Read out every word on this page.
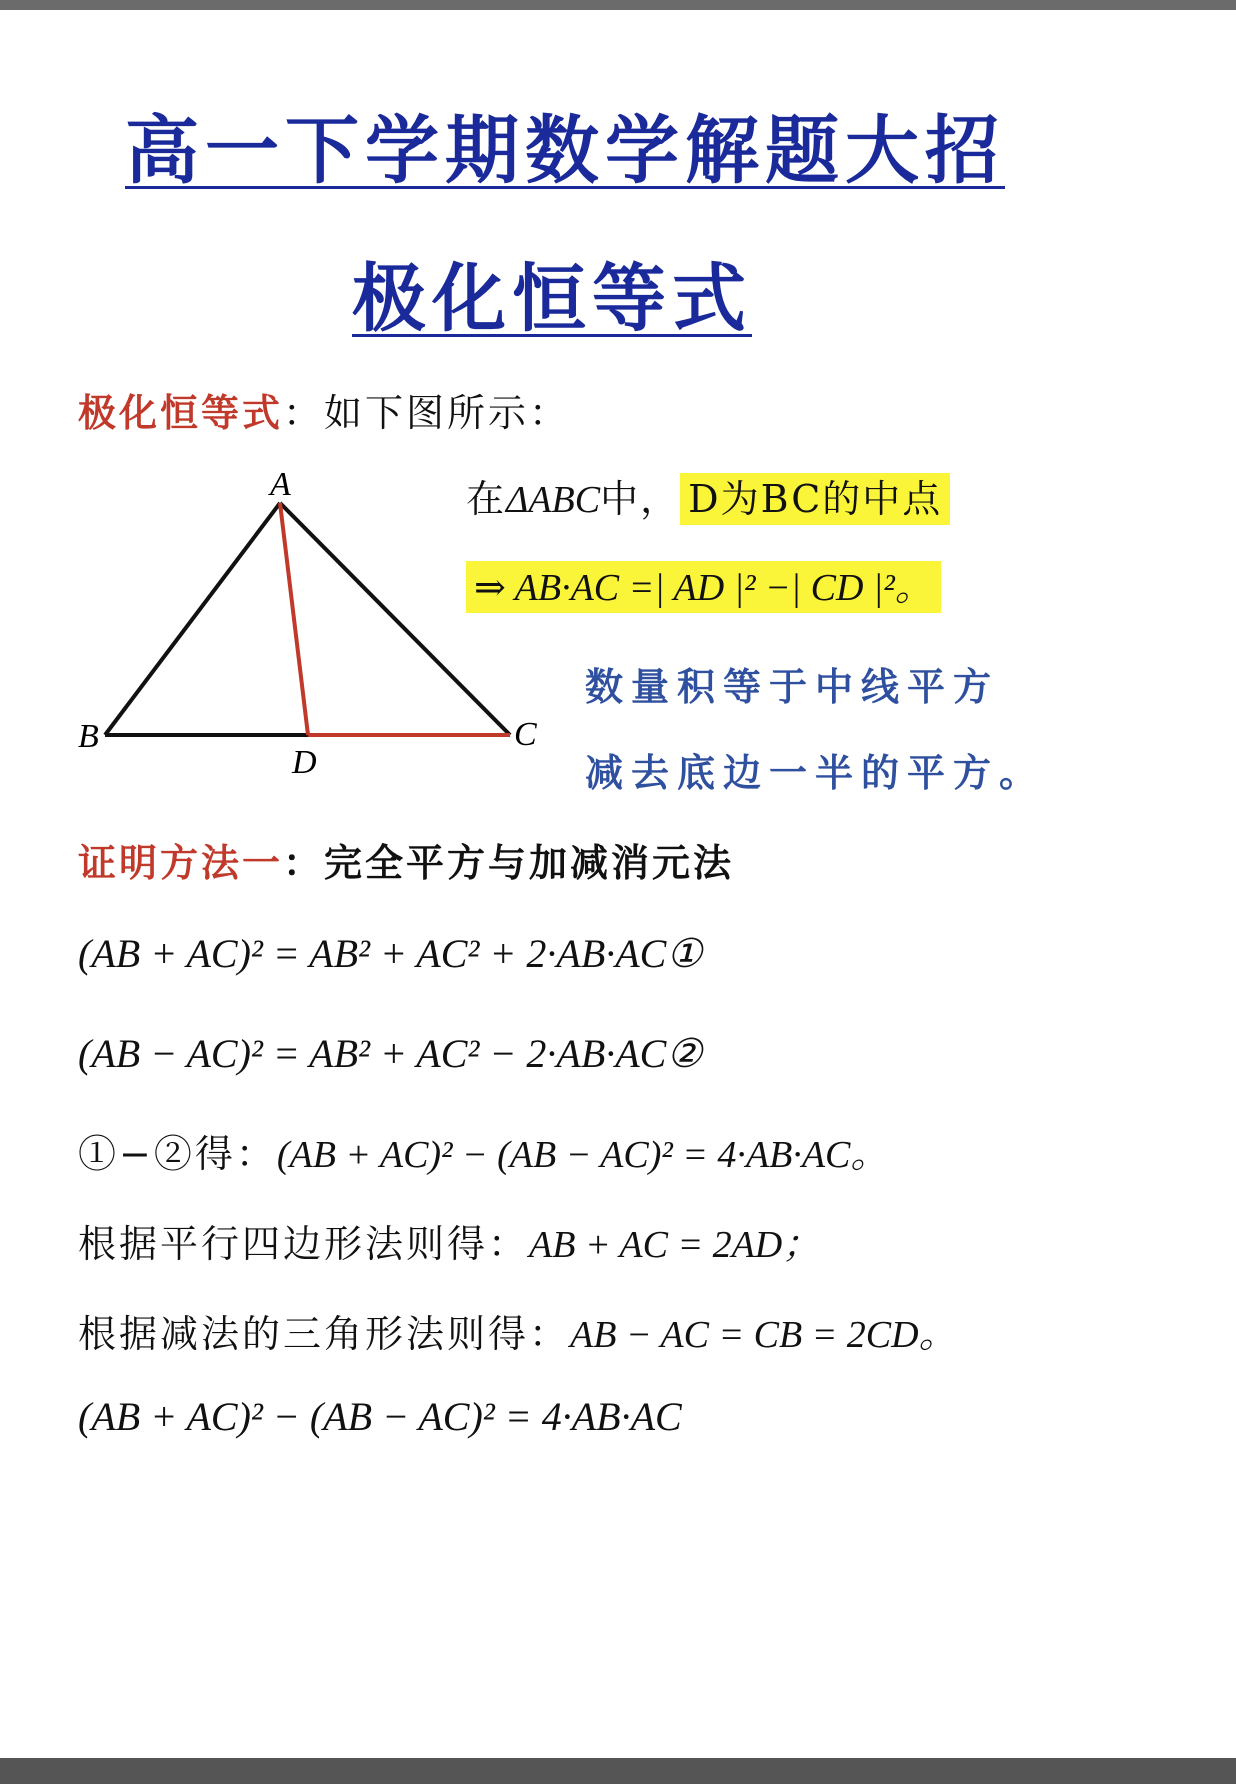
高一下学期数学解题大招
极化恒等式
极化恒等式：如下图所示：
A
B	C
D
在ΔABC中， D为BC的中点
⇒ AB·AC =| AD |² −| CD |²。
数量积等于中线平方
减去底边一半的平方。
证明方法一：完全平方与加减消元法
(AB + AC)² = AB² + AC² + 2·AB·AC①
(AB − AC)² = AB² + AC² − 2·AB·AC②
①−②得：(AB + AC)² − (AB − AC)² = 4·AB·AC。
根据平行四边形法则得：AB + AC = 2AD；
根据减法的三角形法则得：AB − AC = CB = 2CD。
(AB + AC)² − (AB − AC)² = 4·AB·AC
